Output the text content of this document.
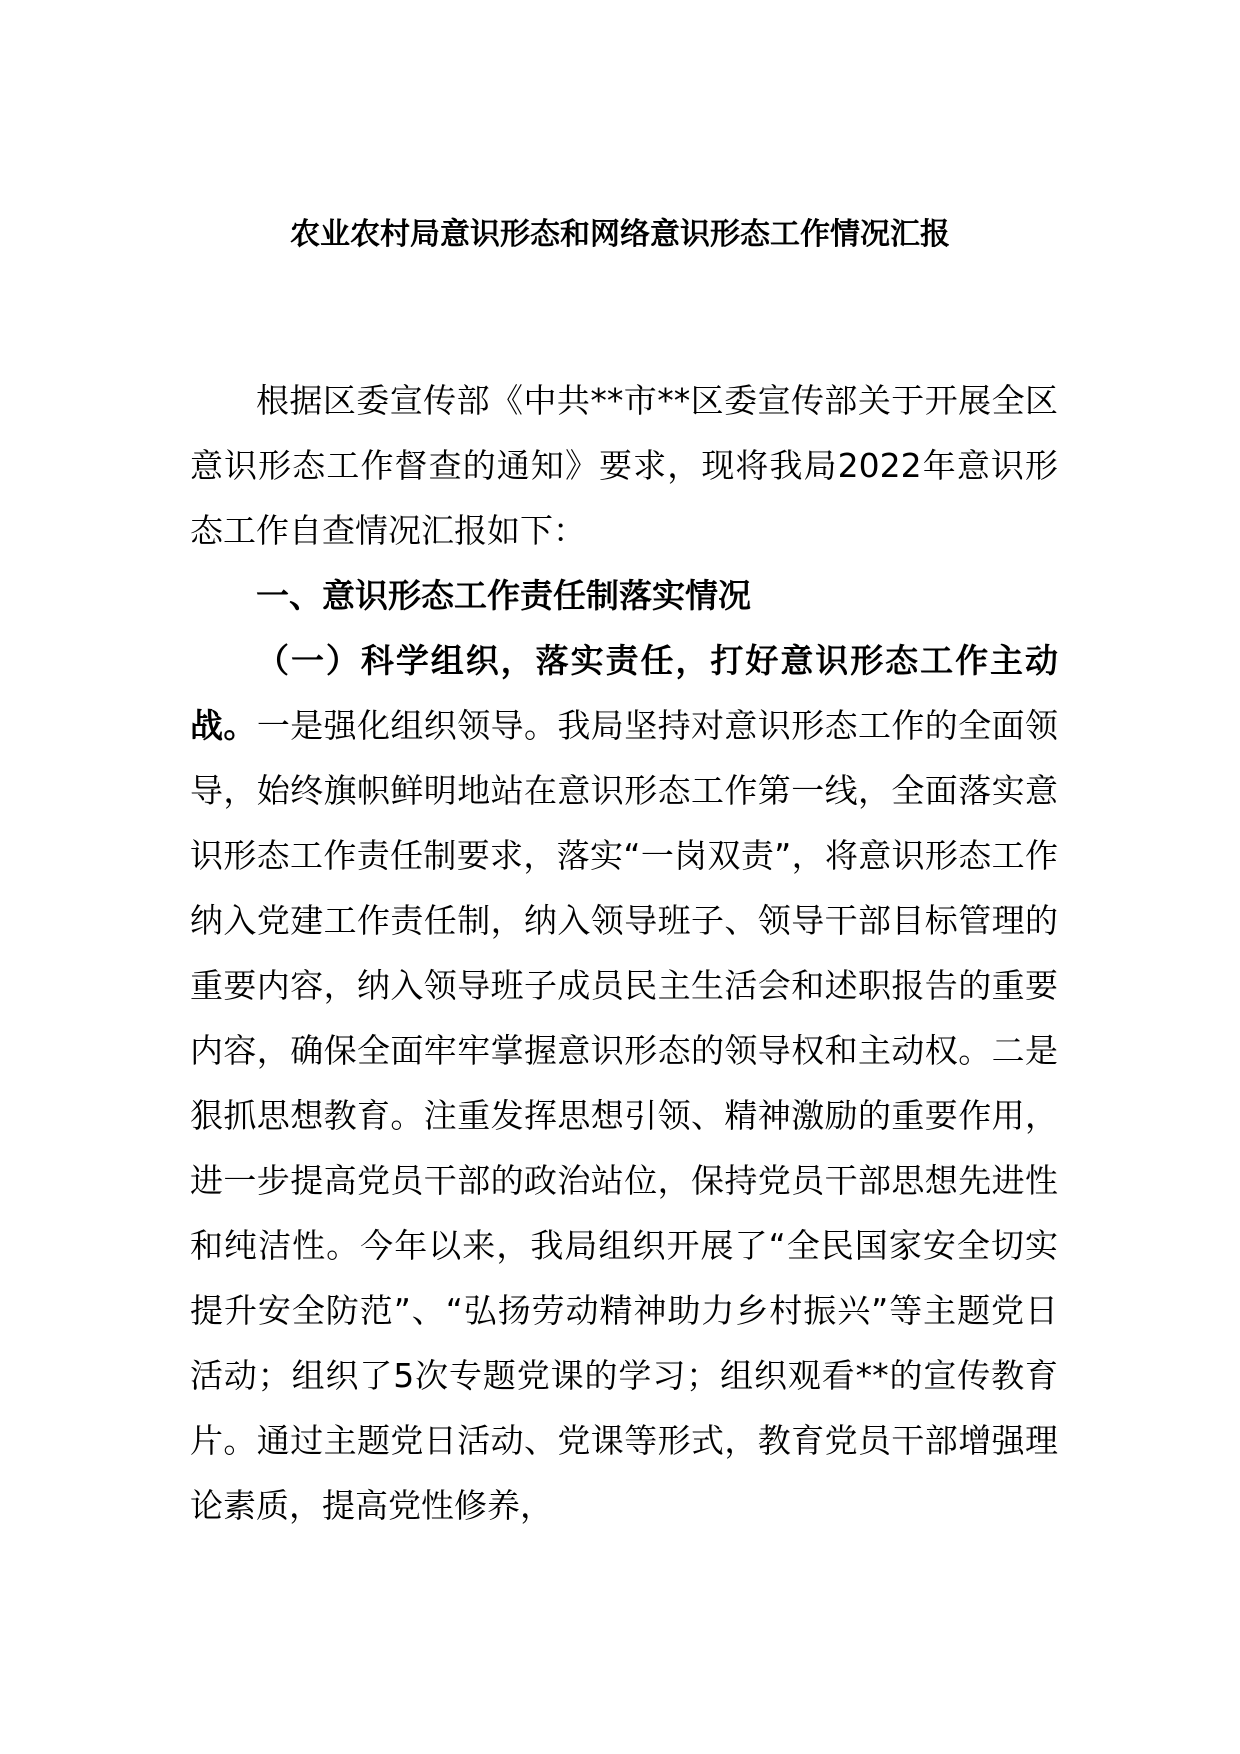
农业农村局意识形态和网络意识形态工作情况汇报

根据区委宣传部《中共**市**区委宣传部关于开展全区意识形态工作督查的通知》要求，现将我局2022年意识形态工作自查情况汇报如下：

一、意识形态工作责任制落实情况

（一）科学组织，落实责任，打好意识形态工作主动战。一是强化组织领导。我局坚持对意识形态工作的全面领导，始终旗帜鲜明地站在意识形态工作第一线，全面落实意识形态工作责任制要求，落实“一岗双责”，将意识形态工作纳入党建工作责任制，纳入领导班子、领导干部目标管理的重要内容，纳入领导班子成员民主生活会和述职报告的重要内容，确保全面牢牢掌握意识形态的领导权和主动权。二是狠抓思想教育。注重发挥思想引领、精神激励的重要作用，进一步提高党员干部的政治站位，保持党员干部思想先进性和纯洁性。今年以来，我局组织开展了“全民国家安全切实提升安全防范”、“弘扬劳动精神助力乡村振兴”等主题党日活动；组织了5次专题党课的学习；组织观看**的宣传教育片。通过主题党日活动、党课等形式，教育党员干部增强理论素质，提高党性修养，
